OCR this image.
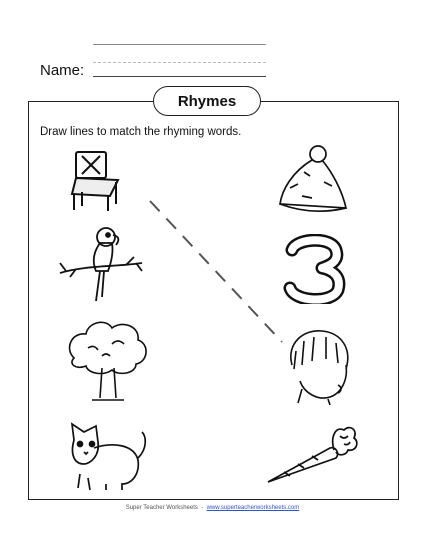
Name:
Rhymes
Draw lines to match the rhyming words.
Super Teacher Worksheets - www.superteacherworksheets.com
